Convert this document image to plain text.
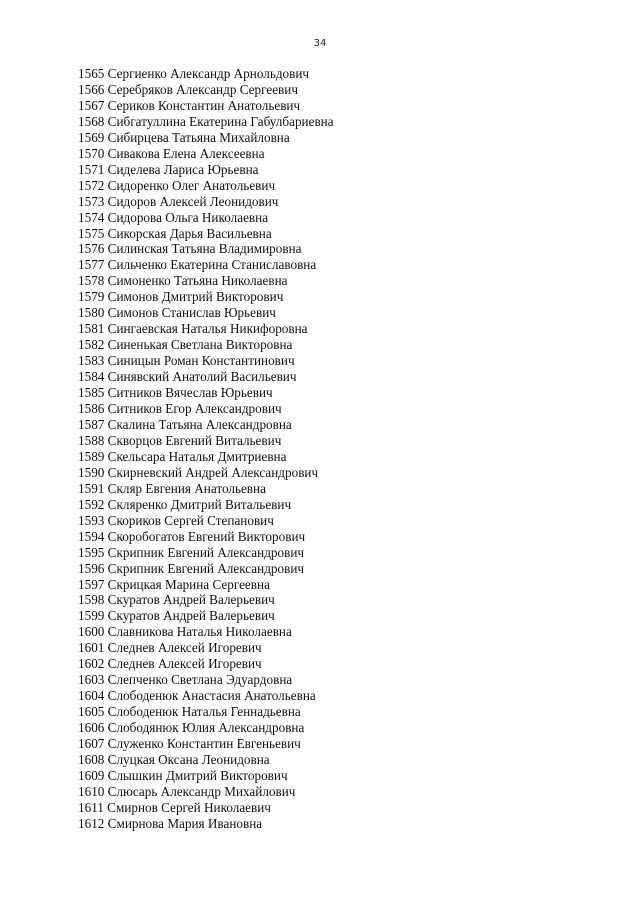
34
1565 Сергиенко Александр Арнольдович
1566 Серебряков Александр Сергеевич
1567 Сериков Константин Анатольевич
1568 Сибгатуллина Екатерина Габулбариевна
1569 Сибирцева Татьяна Михайловна
1570 Сивакова Елена Алексеевна
1571 Сиделева Лариса Юрьевна
1572 Сидоренко Олег Анатольевич
1573 Сидоров Алексей Леонидович
1574 Сидорова Ольга Николаевна
1575 Сикорская Дарья Васильевна
1576 Силинская Татьяна Владимировна
1577 Сильченко Екатерина Станиславовна
1578 Симоненко Татьяна Николаевна
1579 Симонов Дмитрий Викторович
1580 Симонов Станислав Юрьевич
1581 Сингаевская Наталья Никифоровна
1582 Синенькая Светлана Викторовна
1583 Синицын Роман Константинович
1584 Синявский Анатолий Васильевич
1585 Ситников Вячеслав Юрьевич
1586 Ситников Егор Александрович
1587 Скалина Татьяна Александровна
1588 Скворцов Евгений Витальевич
1589 Скельсара Наталья Дмитриевна
1590 Скирневский Андрей Александрович
1591 Скляр Евгения Анатольевна
1592 Скляренко Дмитрий Витальевич
1593 Скориков Сергей Степанович
1594 Скоробогатов Евгений Викторович
1595 Скрипник Евгений Александрович
1596 Скрипник Евгений Александрович
1597 Скрицкая Марина Сергеевна
1598 Скуратов Андрей Валерьевич
1599 Скуратов Андрей Валерьевич
1600 Славникова Наталья Николаевна
1601 Следнев Алексей Игоревич
1602 Следнев Алексей Игоревич
1603 Слепченко Светлана Эдуардовна
1604 Слободенюк Анастасия Анатольевна
1605 Слободенюк Наталья Геннадьевна
1606 Слободянюк Юлия Александровна
1607 Служенко Константин Евгеньевич
1608 Слуцкая Оксана Леонидовна
1609 Слышкин Дмитрий Викторович
1610 Слюсарь Александр Михайлович
1611 Смирнов Сергей Николаевич
1612 Смирнова Мария Ивановна
